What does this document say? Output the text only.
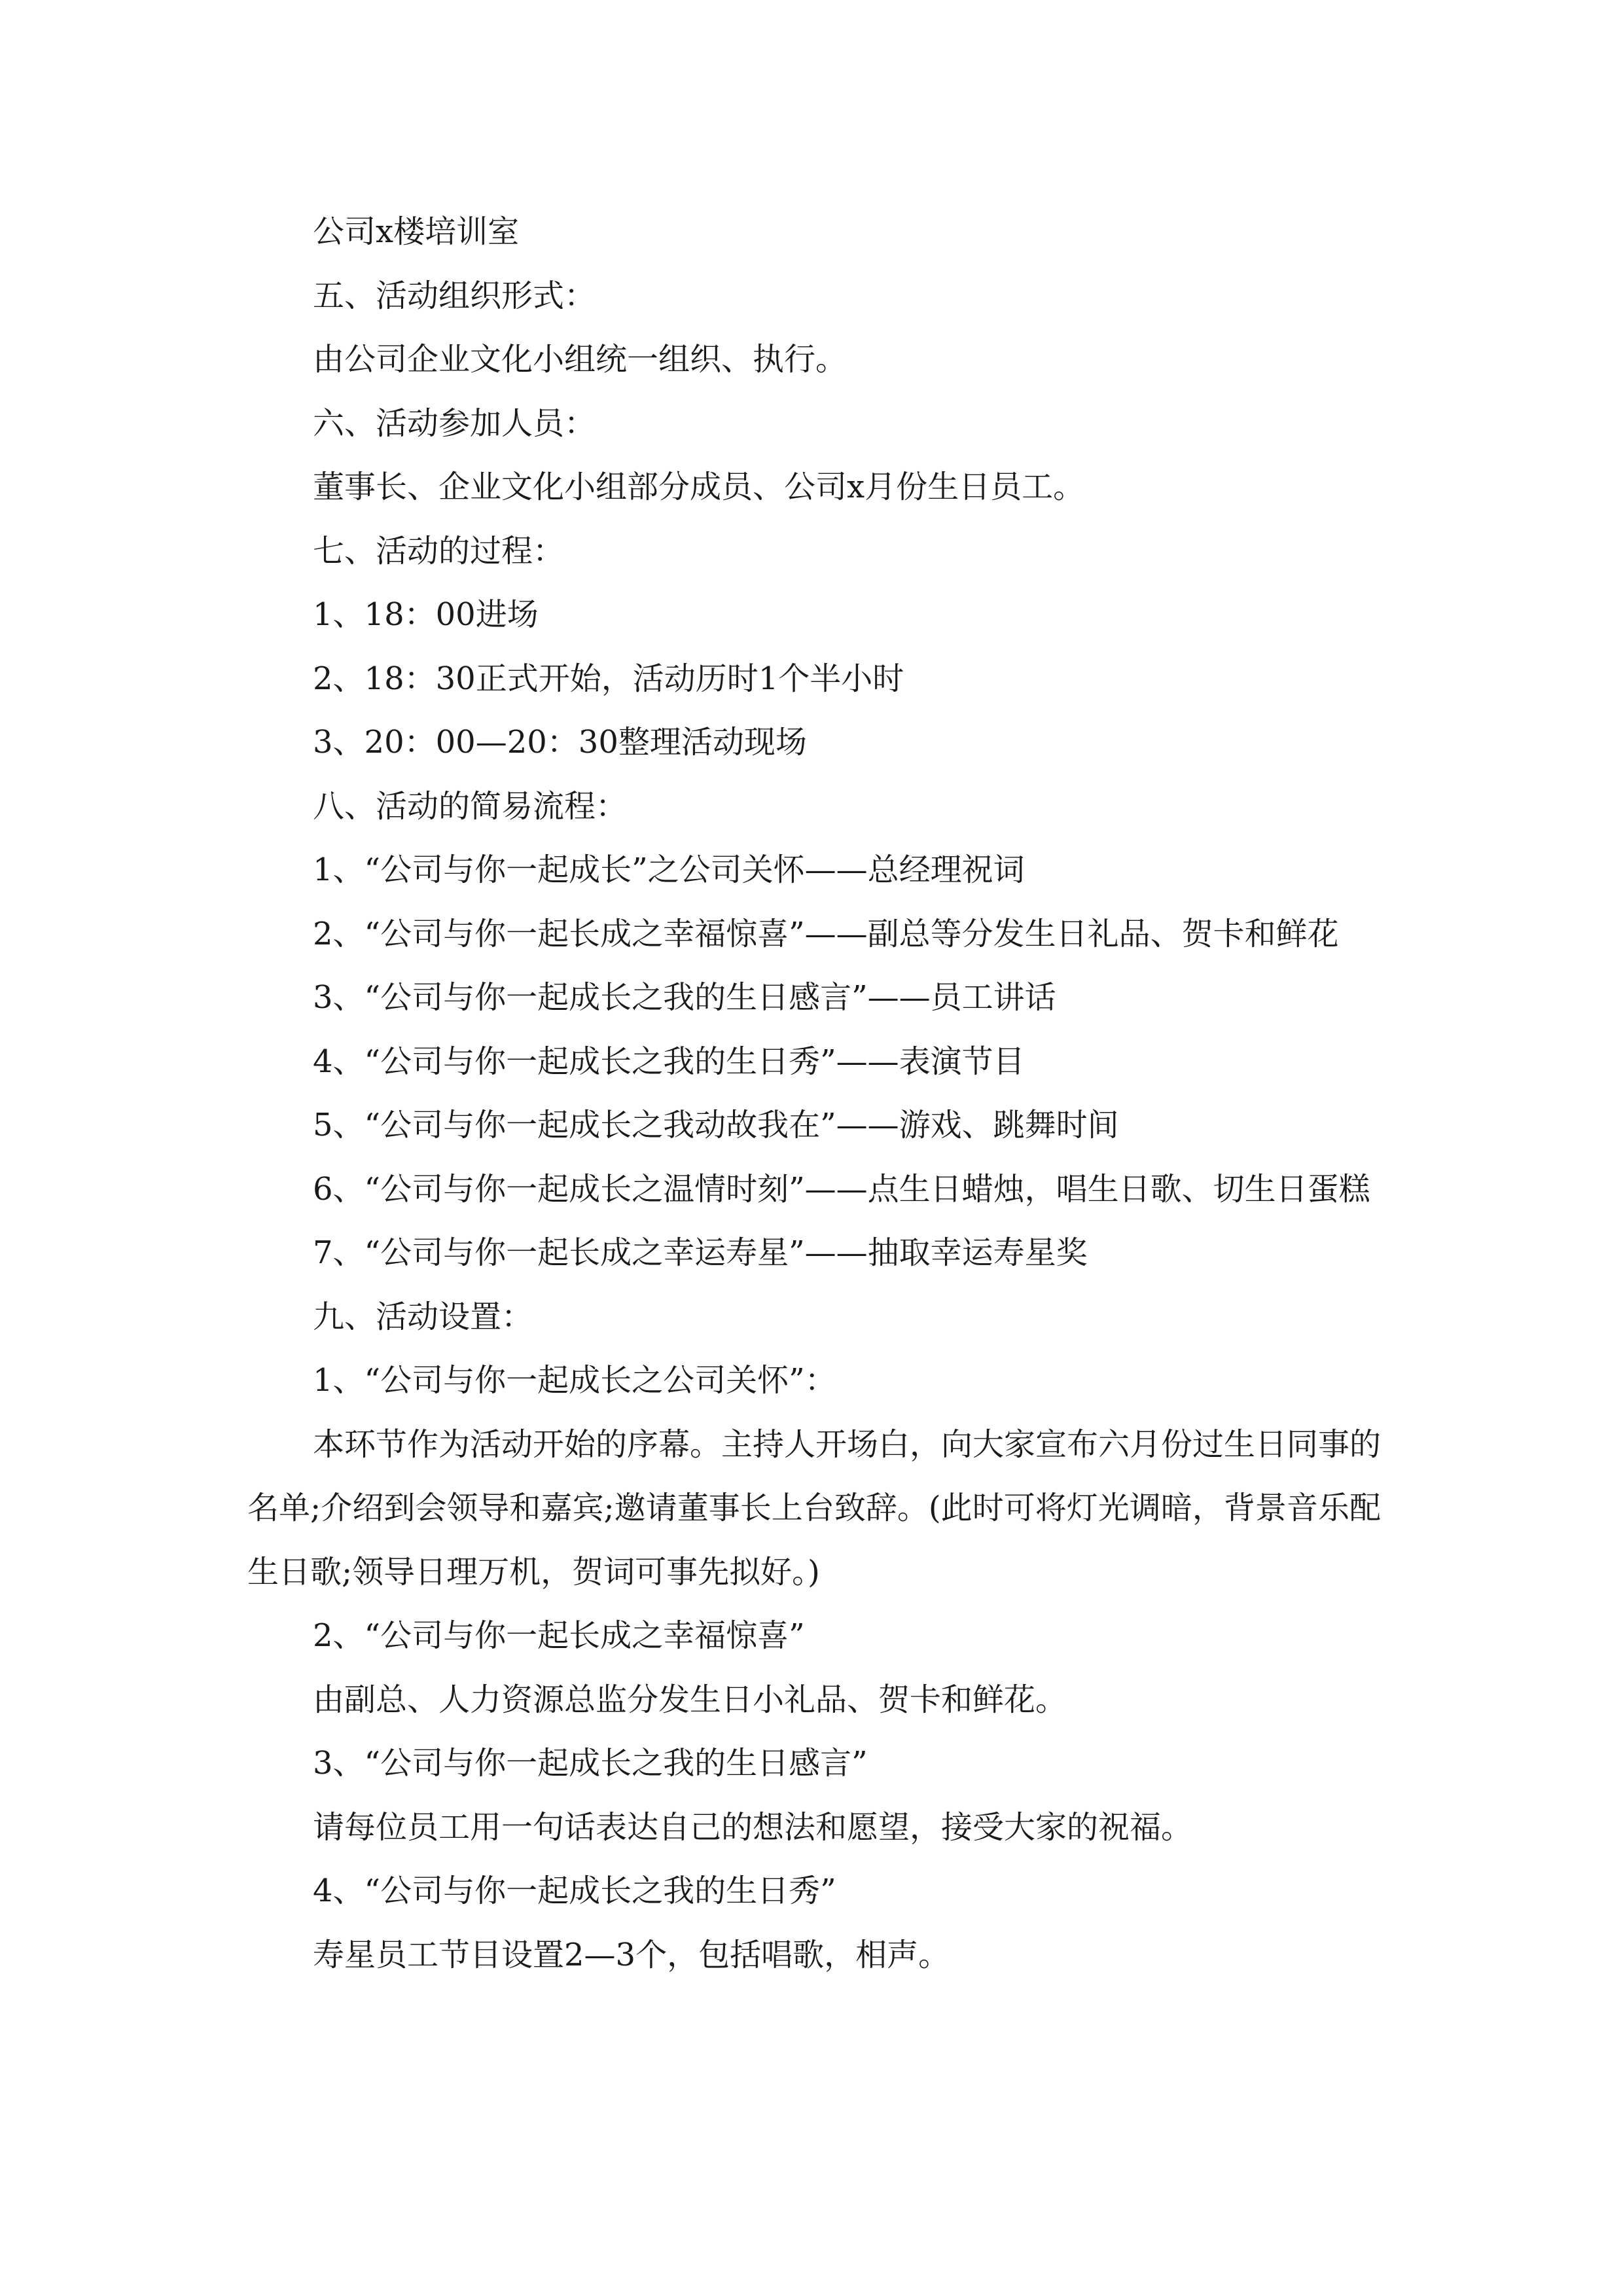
公司x楼培训室

五、活动组织形式：

由公司企业文化小组统一组织、执行。

六、活动参加人员：

董事长、企业文化小组部分成员、公司x月份生日员工。

七、活动的过程：

1、18：00进场

2、18：30正式开始，活动历时1个半小时

3、20：00—20：30整理活动现场

八、活动的简易流程：

1、“公司与你一起成长”之公司关怀——总经理祝词

2、“公司与你一起长成之幸福惊喜”——副总等分发生日礼品、贺卡和鲜花

3、“公司与你一起成长之我的生日感言”——员工讲话

4、“公司与你一起成长之我的生日秀”——表演节目

5、“公司与你一起成长之我动故我在”——游戏、跳舞时间

6、“公司与你一起成长之温情时刻”——点生日蜡烛，唱生日歌、切生日蛋糕

7、“公司与你一起长成之幸运寿星”——抽取幸运寿星奖

九、活动设置：

1、“公司与你一起成长之公司关怀”：

本环节作为活动开始的序幕。主持人开场白，向大家宣布六月份过生日同事的名单;介绍到会领导和嘉宾;邀请董事长上台致辞。(此时可将灯光调暗，背景音乐配生日歌;领导日理万机，贺词可事先拟好。)

2、“公司与你一起长成之幸福惊喜”

由副总、人力资源总监分发生日小礼品、贺卡和鲜花。

3、“公司与你一起成长之我的生日感言”

请每位员工用一句话表达自己的想法和愿望，接受大家的祝福。

4、“公司与你一起成长之我的生日秀”

寿星员工节目设置2—3个，包括唱歌，相声。
